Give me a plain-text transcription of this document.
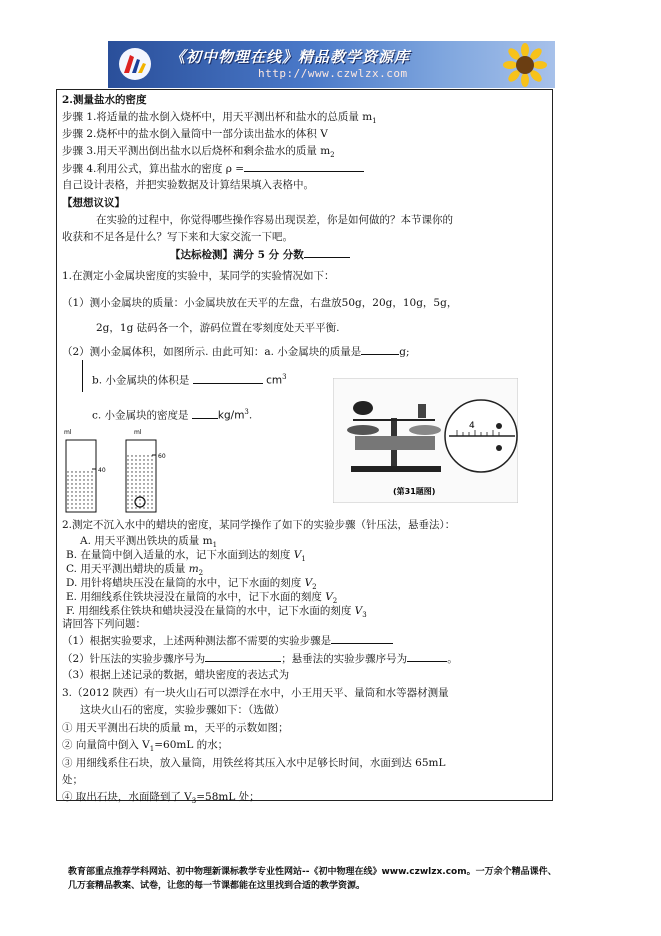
《初中物理在线》精品教学资源库
http://www.czwlzx.com
2.测量盐水的密度
步骤 1.将适量的盐水倒入烧杯中，用天平测出杯和盐水的总质量 $m_1$
步骤 2.烧杯中的盐水倒入量筒中一部分读出盐水的体积 V
步骤 3.用天平测出倒出盐水以后烧杯和剩余盐水的质量 $m_2$
步骤 4.利用公式，算出盐水的密度 ρ =
自己设计表格，并把实验数据及计算结果填入表格中。
【想想议议】
在实验的过程中，你觉得哪些操作容易出现误差，你是如何做的？本节课你的
收获和不足各是什么？写下来和大家交流一下吧。
【达标检测】满分 5 分 分数
1.在测定小金属块密度的实验中，某同学的实验情况如下：
（1）测小金属块的质量：小金属块放在天平的左盘，右盘放50g，20g，10g，5g，
2g，1g 砝码各一个，游码位置在零刻度处天平平衡.
（2）测小金属体积，如图所示. 由此可知：a. 小金属块的质量是	g;
b. 小金属块的体积是	$cm^3$
c. 小金属块的密度是	$kg/m^3$.
ml	ml
40
60
4
(第31题图)
2.测定不沉入水中的蜡块的密度，某同学操作了如下的实验步骤（针压法，悬垂法）：
A. 用天平测出铁块的质量 $m_1$
B. 在量筒中倒入适量的水，记下水面到达的刻度 $V_1$
C. 用天平测出蜡块的质量 $m_2$
D. 用针将蜡块压没在量筒的水中，记下水面的刻度 $V_2$
E. 用细线系住铁块浸没在量筒的水中，记下水面的刻度 $V_2$
F. 用细线系住铁块和蜡块浸没在量筒的水中，记下水面的刻度 $V_3$
请回答下列问题：
（1）根据实验要求，上述两种测法都不需要的实验步骤是
（2）针压法的实验步骤序号为	；悬垂法的实验步骤序号为	。
（3）根据上述记录的数据，蜡块密度的表达式为
3.（2012 陕西）有一块火山石可以漂浮在水中，小王用天平、量筒和水等器材测量
这块火山石的密度，实验步骤如下：（选做）
① 用天平测出石块的质量 m，天平的示数如图；
② 向量筒中倒入 $V_1=60mL$ 的水；
③ 用细线系住石块，放入量筒，用铁丝将其压入水中足够长时间，水面到达 65mL
处；
④ 取出石块，水面降到了 $V_3=58mL$ 处；
教育部重点推荐学科网站、初中物理新课标教学专业性网站--《初中物理在线》www.czwlzx.com。一万余个精品课件、
几万套精品教案、试卷，让您的每一节课都能在这里找到合适的教学资源。
